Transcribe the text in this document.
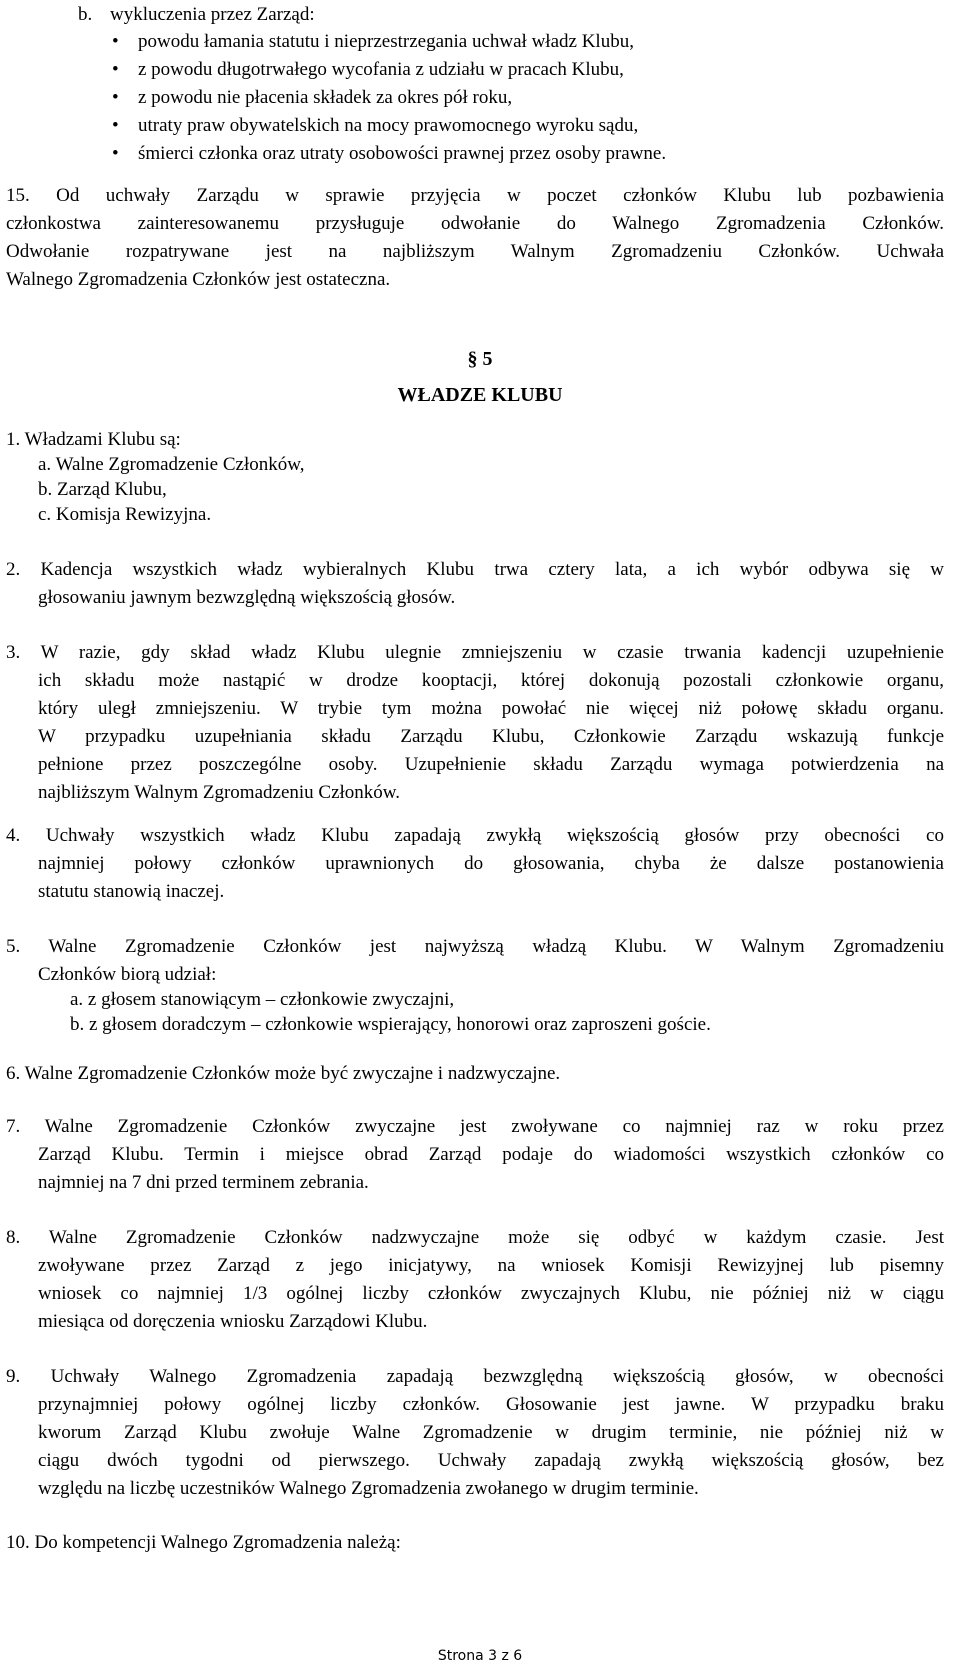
b. wykluczenia przez Zarząd:
• powodu łamania statutu i nieprzestrzegania uchwał władz Klubu,
• z powodu długotrwałego wycofania z udziału w pracach Klubu,
• z powodu nie płacenia składek za okres pół roku,
• utraty praw obywatelskich na mocy prawomocnego wyroku sądu,
• śmierci członka oraz utraty osobowości prawnej przez osoby prawne.
15. Od uchwały Zarządu w sprawie przyjęcia w poczet członków Klubu lub pozbawienia
członkostwa zainteresowanemu przysługuje odwołanie do Walnego Zgromadzenia Członków.
Odwołanie rozpatrywane jest na najbliższym Walnym Zgromadzeniu Członków. Uchwała
Walnego Zgromadzenia Członków jest ostateczna.
§ 5
WŁADZE KLUBU
1. Władzami Klubu są:
a. Walne Zgromadzenie Członków,
b. Zarząd Klubu,
c. Komisja Rewizyjna.
2. Kadencja wszystkich władz wybieralnych Klubu trwa cztery lata, a ich wybór odbywa się w
głosowaniu jawnym bezwzględną większością głosów.
3. W razie, gdy skład władz Klubu ulegnie zmniejszeniu w czasie trwania kadencji uzupełnienie
ich składu może nastąpić w drodze kooptacji, której dokonują pozostali członkowie organu,
który uległ zmniejszeniu. W trybie tym można powołać nie więcej niż połowę składu organu.
W przypadku uzupełniania składu Zarządu Klubu, Członkowie Zarządu wskazują funkcje
pełnione przez poszczególne osoby. Uzupełnienie składu Zarządu wymaga potwierdzenia na
najbliższym Walnym Zgromadzeniu Członków.
4. Uchwały wszystkich władz Klubu zapadają zwykłą większością głosów przy obecności co
najmniej połowy członków uprawnionych do głosowania, chyba że dalsze postanowienia
statutu stanowią inaczej.
5. Walne Zgromadzenie Członków jest najwyższą władzą Klubu. W Walnym Zgromadzeniu
Członków biorą udział:
a. z głosem stanowiącym – członkowie zwyczajni,
b. z głosem doradczym – członkowie wspierający, honorowi oraz zaproszeni goście.
6. Walne Zgromadzenie Członków może być zwyczajne i nadzwyczajne.
7. Walne Zgromadzenie Członków zwyczajne jest zwoływane co najmniej raz w roku przez
Zarząd Klubu. Termin i miejsce obrad Zarząd podaje do wiadomości wszystkich członków co
najmniej na 7 dni przed terminem zebrania.
8. Walne Zgromadzenie Członków nadzwyczajne może się odbyć w każdym czasie. Jest
zwoływane przez Zarząd z jego inicjatywy, na wniosek Komisji Rewizyjnej lub pisemny
wniosek co najmniej 1/3 ogólnej liczby członków zwyczajnych Klubu, nie później niż w ciągu
miesiąca od doręczenia wniosku Zarządowi Klubu.
9. Uchwały Walnego Zgromadzenia zapadają bezwzględną większością głosów, w obecności
przynajmniej połowy ogólnej liczby członków. Głosowanie jest jawne. W przypadku braku
kworum Zarząd Klubu zwołuje Walne Zgromadzenie w drugim terminie, nie później niż w
ciągu dwóch tygodni od pierwszego. Uchwały zapadają zwykłą większością głosów, bez
względu na liczbę uczestników Walnego Zgromadzenia zwołanego w drugim terminie.
10. Do kompetencji Walnego Zgromadzenia należą:
Strona 3 z 6
